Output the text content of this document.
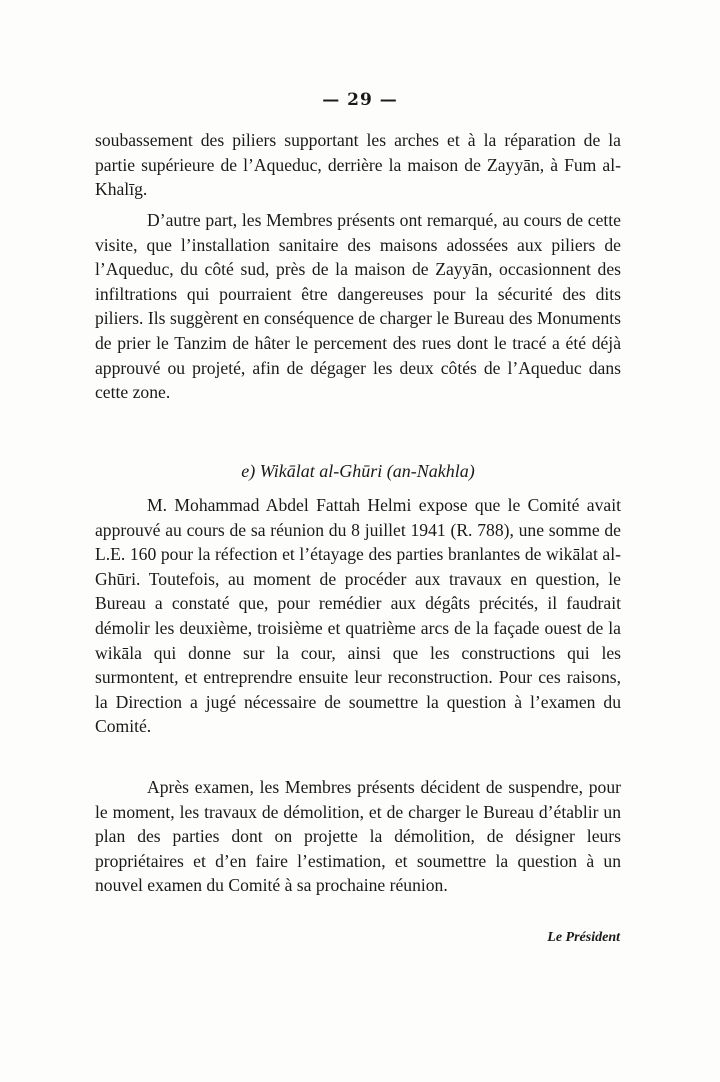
— 29 —

soubassement des piliers supportant les arches et à la réparation de la partie supérieure de l’Aqueduc, derrière la maison de Zayyān, à Fum al-Khalīg.

D’autre part, les Membres présents ont remarqué, au cours de cette visite, que l’installation sanitaire des maisons adossées aux piliers de l’Aqueduc, du côté sud, près de la maison de Zayyān, occasionnent des infiltrations qui pourraient être dangereuses pour la sécurité des dits piliers. Ils suggèrent en conséquence de charger le Bureau des Monuments de prier le Tanzim de hâter le percement des rues dont le tracé a été déjà approuvé ou projeté, afin de dégager les deux côtés de l’Aqueduc dans cette zone.

e) Wikālat al-Ghūri (an-Nakhla)

M. Mohammad Abdel Fattah Helmi expose que le Comité avait approuvé au cours de sa réunion du 8 juillet 1941 (R. 788), une somme de L.E. 160 pour la réfection et l’étayage des parties branlantes de wikālat al-Ghūri. Toutefois, au moment de procéder aux travaux en question, le Bureau a constaté que, pour remédier aux dégâts précités, il faudrait démolir les deuxième, troisième et quatrième arcs de la façade ouest de la wikāla qui donne sur la cour, ainsi que les constructions qui les surmontent, et entreprendre ensuite leur reconstruction. Pour ces raisons, la Direction a jugé nécessaire de soumettre la question à l’examen du Comité.

Après examen, les Membres présents décident de suspendre, pour le moment, les travaux de démolition, et de charger le Bureau d’établir un plan des parties dont on projette la démolition, de désigner leurs propriétaires et d’en faire l’estimation, et soumettre la question à un nouvel examen du Comité à sa prochaine réunion.

Le Président
